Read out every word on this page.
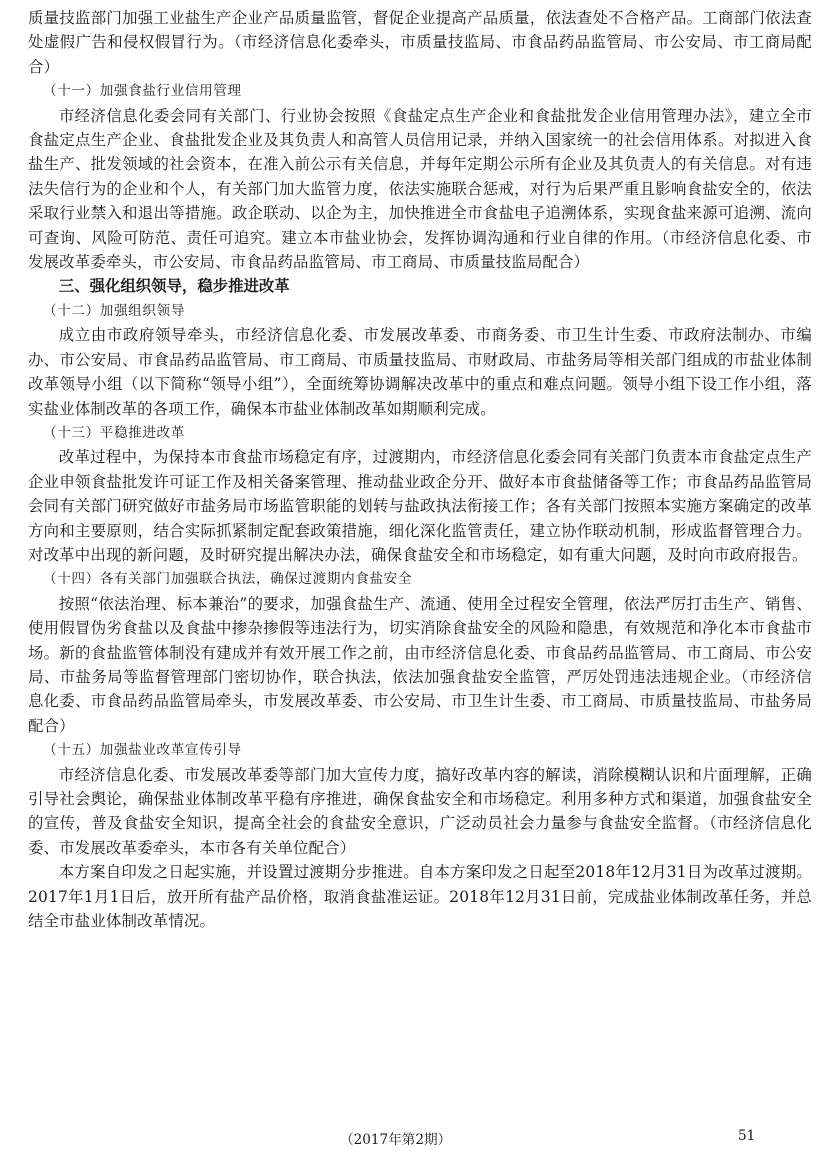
质量技监部门加强工业盐生产企业产品质量监管，督促企业提高产品质量，依法查处不合格产品。工商部门依法查处虚假广告和侵权假冒行为。（市经济信息化委牵头，市质量技监局、市食品药品监管局、市公安局、市工商局配合）

（十一）加强食盐行业信用管理

市经济信息化委会同有关部门、行业协会按照《食盐定点生产企业和食盐批发企业信用管理办法》，建立全市食盐定点生产企业、食盐批发企业及其负责人和高管人员信用记录，并纳入国家统一的社会信用体系。对拟进入食盐生产、批发领域的社会资本，在准入前公示有关信息，并每年定期公示所有企业及其负责人的有关信息。对有违法失信行为的企业和个人，有关部门加大监管力度，依法实施联合惩戒，对行为后果严重且影响食盐安全的，依法采取行业禁入和退出等措施。政企联动、以企为主，加快推进全市食盐电子追溯体系，实现食盐来源可追溯、流向可查询、风险可防范、责任可追究。建立本市盐业协会，发挥协调沟通和行业自律的作用。（市经济信息化委、市发展改革委牵头，市公安局、市食品药品监管局、市工商局、市质量技监局配合）

三、强化组织领导，稳步推进改革

（十二）加强组织领导

成立由市政府领导牵头，市经济信息化委、市发展改革委、市商务委、市卫生计生委、市政府法制办、市编办、市公安局、市食品药品监管局、市工商局、市质量技监局、市财政局、市盐务局等相关部门组成的市盐业体制改革领导小组（以下简称“领导小组”），全面统筹协调解决改革中的重点和难点问题。领导小组下设工作小组，落实盐业体制改革的各项工作，确保本市盐业体制改革如期顺利完成。

（十三）平稳推进改革

改革过程中，为保持本市食盐市场稳定有序，过渡期内，市经济信息化委会同有关部门负责本市食盐定点生产企业申领食盐批发许可证工作及相关备案管理、推动盐业政企分开、做好本市食盐储备等工作；市食品药品监管局会同有关部门研究做好市盐务局市场监管职能的划转与盐政执法衔接工作；各有关部门按照本实施方案确定的改革方向和主要原则，结合实际抓紧制定配套政策措施，细化深化监管责任，建立协作联动机制，形成监督管理合力。对改革中出现的新问题，及时研究提出解决办法，确保食盐安全和市场稳定，如有重大问题，及时向市政府报告。

（十四）各有关部门加强联合执法，确保过渡期内食盐安全

按照“依法治理、标本兼治”的要求，加强食盐生产、流通、使用全过程安全管理，依法严厉打击生产、销售、使用假冒伪劣食盐以及食盐中掺杂掺假等违法行为，切实消除食盐安全的风险和隐患，有效规范和净化本市食盐市场。新的食盐监管体制没有建成并有效开展工作之前，由市经济信息化委、市食品药品监管局、市工商局、市公安局、市盐务局等监督管理部门密切协作，联合执法，依法加强食盐安全监管，严厉处罚违法违规企业。（市经济信息化委、市食品药品监管局牵头，市发展改革委、市公安局、市卫生计生委、市工商局、市质量技监局、市盐务局配合）

（十五）加强盐业改革宣传引导

市经济信息化委、市发展改革委等部门加大宣传力度，搞好改革内容的解读，消除模糊认识和片面理解，正确引导社会舆论，确保盐业体制改革平稳有序推进，确保食盐安全和市场稳定。利用多种方式和渠道，加强食盐安全的宣传，普及食盐安全知识，提高全社会的食盐安全意识，广泛动员社会力量参与食盐安全监督。（市经济信息化委、市发展改革委牵头，本市各有关单位配合）

本方案自印发之日起实施，并设置过渡期分步推进。自本方案印发之日起至2018年12月31日为改革过渡期。2017年1月1日后，放开所有盐产品价格，取消食盐准运证。2018年12月31日前，完成盐业体制改革任务，并总结全市盐业体制改革情况。

（2017年第2期）	51
